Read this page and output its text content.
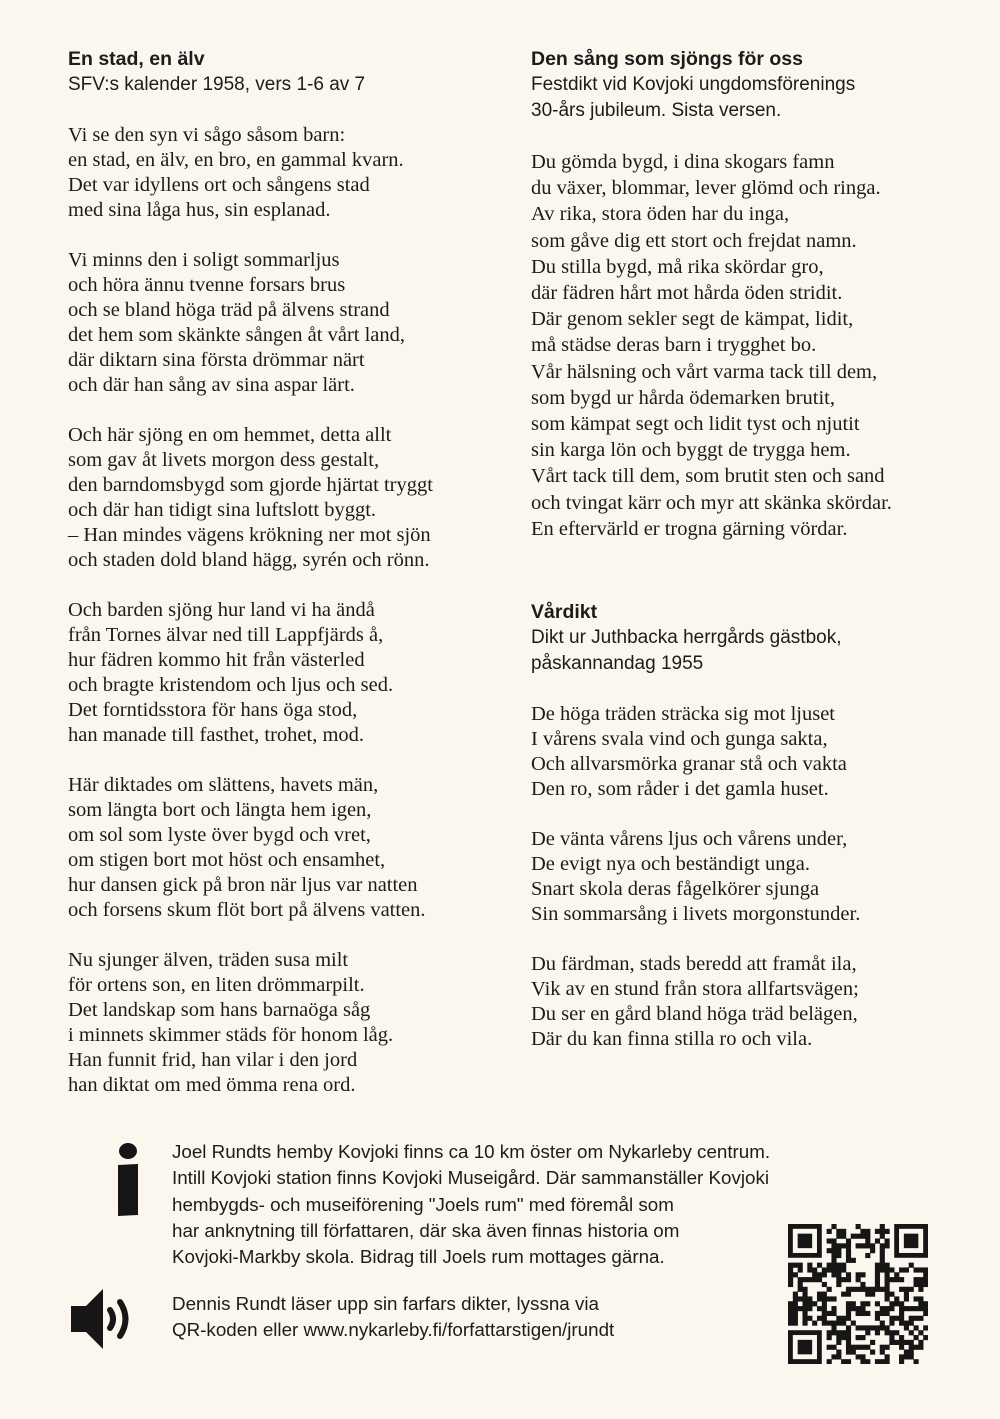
En stad, en älv
SFV:s kalender 1958, vers 1-6 av 7
Vi se den syn vi sågo såsom barn:
en stad, en älv, en bro, en gammal kvarn.
Det var idyllens ort och sångens stad
med sina låga hus, sin esplanad.
Vi minns den i soligt sommarljus
och höra ännu tvenne forsars brus
och se bland höga träd på älvens strand
det hem som skänkte sången åt vårt land,
där diktarn sina första drömmar närt
och där han sång av sina aspar lärt.
Och här sjöng en om hemmet, detta allt
som gav åt livets morgon dess gestalt,
den barndomsbygd som gjorde hjärtat tryggt
och där han tidigt sina luftslott byggt.
– Han mindes vägens krökning ner mot sjön
och staden dold bland hägg, syrén och rönn.
Och barden sjöng hur land vi ha ändå
från Tornes älvar ned till Lappfjärds å,
hur fädren kommo hit från västerled
och bragte kristendom och ljus och sed.
Det forntidsstora för hans öga stod,
han manade till fasthet, trohet, mod.
Här diktades om slättens, havets män,
som längta bort och längta hem igen,
om sol som lyste över bygd och vret,
om stigen bort mot höst och ensamhet,
hur dansen gick på bron när ljus var natten
och forsens skum flöt bort på älvens vatten.
Nu sjunger älven, träden susa milt
för ortens son, en liten drömmarpilt.
Det landskap som hans barnaöga såg
i minnets skimmer städs för honom låg.
Han funnit frid, han vilar i den jord
han diktat om med ömma rena ord.
Den sång som sjöngs för oss
Festdikt vid Kovjoki ungdomsförenings
30-års jubileum. Sista versen.
Du gömda bygd, i dina skogars famn
du växer, blommar, lever glömd och ringa.
Av rika, stora öden har du inga,
som gåve dig ett stort och frejdat namn.
Du stilla bygd, må rika skördar gro,
där fädren hårt mot hårda öden stridit.
Där genom sekler segt de kämpat, lidit,
må städse deras barn i trygghet bo.
Vår hälsning och vårt varma tack till dem,
som bygd ur hårda ödemarken brutit,
som kämpat segt och lidit tyst och njutit
sin karga lön och byggt de trygga hem.
Vårt tack till dem, som brutit sten och sand
och tvingat kärr och myr att skänka skördar.
En eftervärld er trogna gärning vördar.
Vårdikt
Dikt ur Juthbacka herrgårds gästbok,
påskannandag 1955
De höga träden sträcka sig mot ljuset
I vårens svala vind och gunga sakta,
Och allvarsmörka granar stå och vakta
Den ro, som råder i det gamla huset.
De vänta vårens ljus och vårens under,
De evigt nya och beständigt unga.
Snart skola deras fågelkörer sjunga
Sin sommarsång i livets morgonstunder.
Du färdman, stads beredd att framåt ila,
Vik av en stund från stora allfartsvägen;
Du ser en gård bland höga träd belägen,
Där du kan finna stilla ro och vila.
Joel Rundts hemby Kovjoki finns ca 10 km öster om Nykarleby centrum.
Intill Kovjoki station finns Kovjoki Museigård. Där sammanställer Kovjoki
hembygds- och museiförening "Joels rum" med föremål som
har anknytning till författaren, där ska även finnas historia om
Kovjoki-Markby skola. Bidrag till Joels rum mottages gärna.
Dennis Rundt läser upp sin farfars dikter, lyssna via
QR-koden eller www.nykarleby.fi/forfattarstigen/jrundt
